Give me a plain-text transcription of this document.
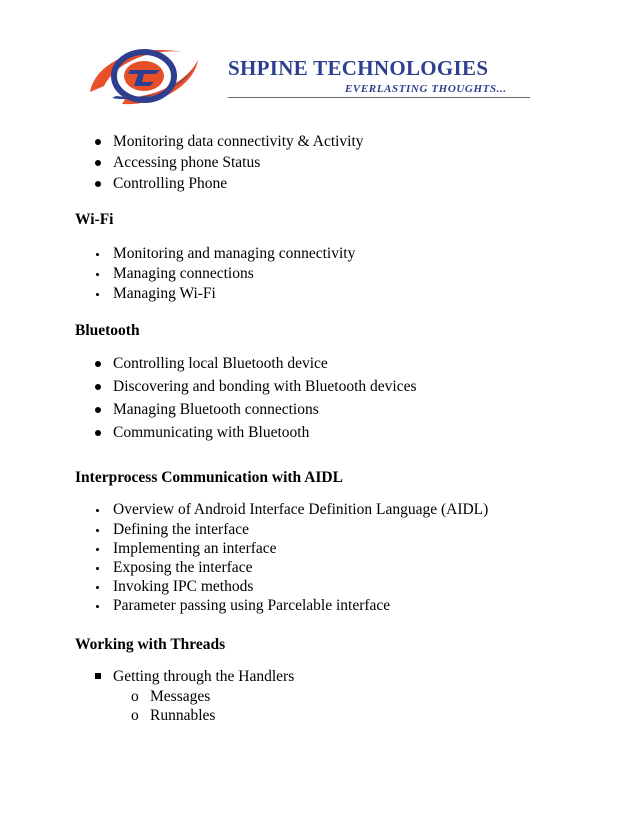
SHPINE TECHNOLOGIES
EVERLASTING THOUGHTS...
Monitoring data connectivity & Activity
Accessing phone Status
Controlling Phone
Wi-Fi
Monitoring and managing connectivity
Managing connections
Managing Wi-Fi
Bluetooth
Controlling local Bluetooth device
Discovering and bonding with Bluetooth devices
Managing Bluetooth connections
Communicating with Bluetooth
Interprocess Communication with AIDL
Overview of Android Interface Definition Language (AIDL)
Defining the interface
Implementing an interface
Exposing the interface
Invoking IPC methods
Parameter passing using Parcelable interface
Working with Threads
Getting through the Handlers
o Messages
o Runnables
